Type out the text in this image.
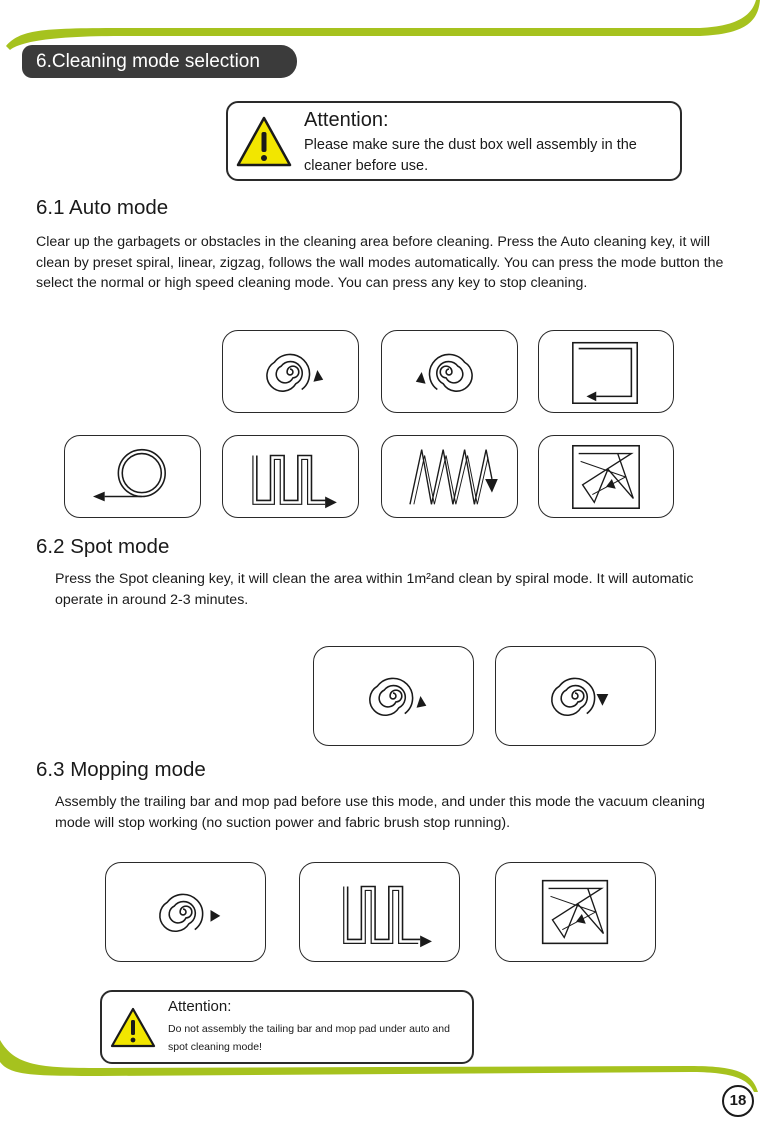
6.Cleaning mode selection
Attention:
Please make sure the dust box well assembly in the cleaner before use.
6.1 Auto mode
Clear up the garbagets or obstacles in the cleaning area before cleaning. Press the Auto cleaning key, it will clean by preset spiral, linear, zigzag, follows the wall modes automatically. You can press the mode button the select the normal or high speed cleaning mode. You can press any key to stop cleaning.
6.2 Spot mode
Press the Spot cleaning key, it will clean the area within 1m²and clean by spiral mode. It will automatic operate in around 2-3 minutes.
6.3 Mopping mode
Assembly the trailing bar and mop pad before use this mode, and under this mode the vacuum cleaning mode will stop working (no suction power and fabric brush stop running).
Attention:
Do not assembly the tailing bar and mop pad under auto and spot cleaning mode!
18
